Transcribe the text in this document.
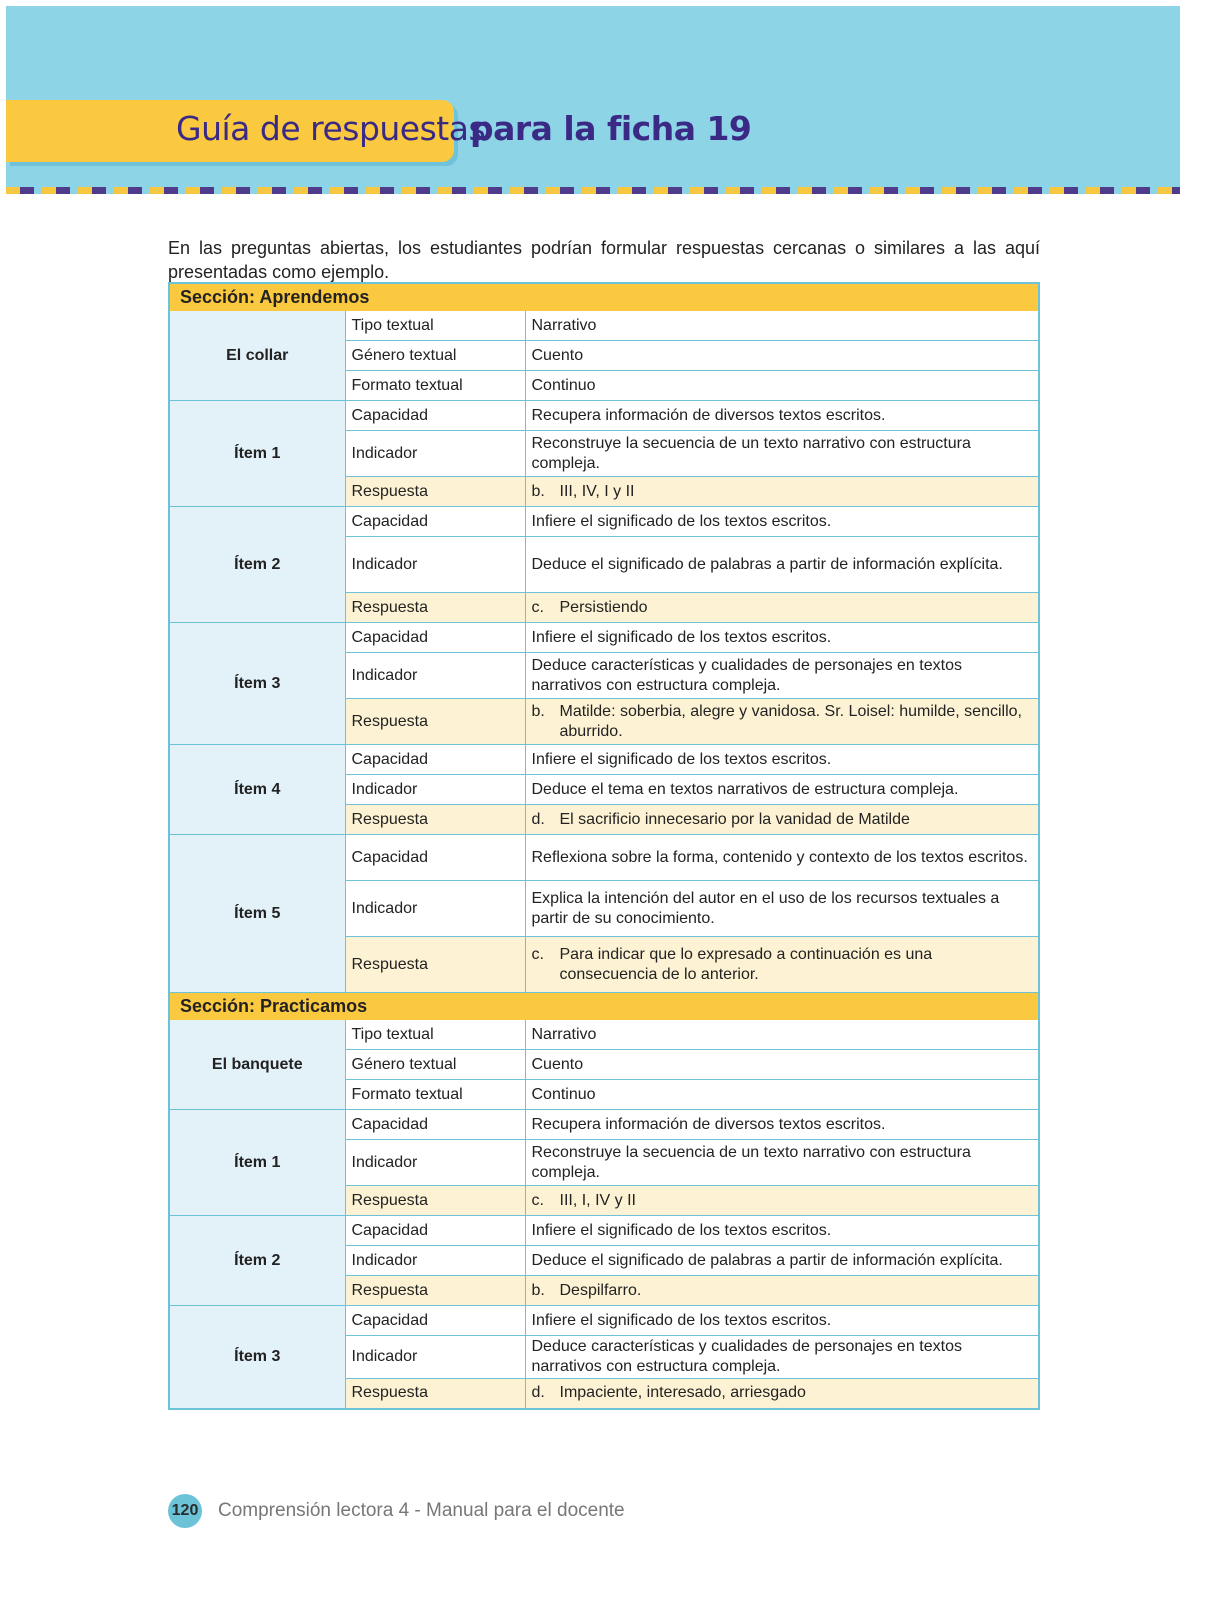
Guía de respuestas
para la ficha 19

En las preguntas abiertas, los estudiantes podrían formular respuestas cercanas o similares a las aquí presentadas como ejemplo.

Sección: Aprendemos		
El collar	Tipo textual	Narrativo
	Género textual	Cuento
	Formato textual	Continuo
Ítem 1	Capacidad	Recupera información de diversos textos escritos.
	Indicador	Reconstruye la secuencia de un texto narrativo con estructura compleja.
	Respuesta	b. III, IV, I y II

Ítem 2	Capacidad	Infiere el significado de los textos escritos.
	Indicador	Deduce el significado de palabras a partir de información explícita.
	Respuesta	c. Persistiendo

Ítem 3	Capacidad	Infiere el significado de los textos escritos.
	Indicador	Deduce características y cualidades de personajes en textos narrativos con estructura compleja.
	Respuesta	b. Matilde: soberbia, alegre y vanidosa. Sr. Loisel: humilde, sencillo, aburrido.

Ítem 4	Capacidad	Infiere el significado de los textos escritos.
	Indicador	Deduce el tema en textos narrativos de estructura compleja.
	Respuesta	d. El sacrificio innecesario por la vanidad de Matilde

Ítem 5	Capacidad	Reflexiona sobre la forma, contenido y contexto de los textos escritos.
	Indicador	Explica la intención del autor en el uso de los recursos textuales a partir de su conocimiento.
	Respuesta	c. Para indicar que lo expresado a continuación es una consecuencia de lo anterior.

Sección: Practicamos		
El banquete	Tipo textual	Narrativo
	Género textual	Cuento
	Formato textual	Continuo
Ítem 1	Capacidad	Recupera información de diversos textos escritos.
	Indicador	Reconstruye la secuencia de un texto narrativo con estructura compleja.
	Respuesta	c. III, I, IV y II

Ítem 2	Capacidad	Infiere el significado de los textos escritos.
	Indicador	Deduce el significado de palabras a partir de información explícita.
	Respuesta	b. Despilfarro.

Ítem 3	Capacidad	Infiere el significado de los textos escritos.
	Indicador	Deduce características y cualidades de personajes en textos narrativos con estructura compleja.
	Respuesta	d. Impaciente, interesado, arriesgado
120 Comprensión lectora 4 - Manual para el docente
